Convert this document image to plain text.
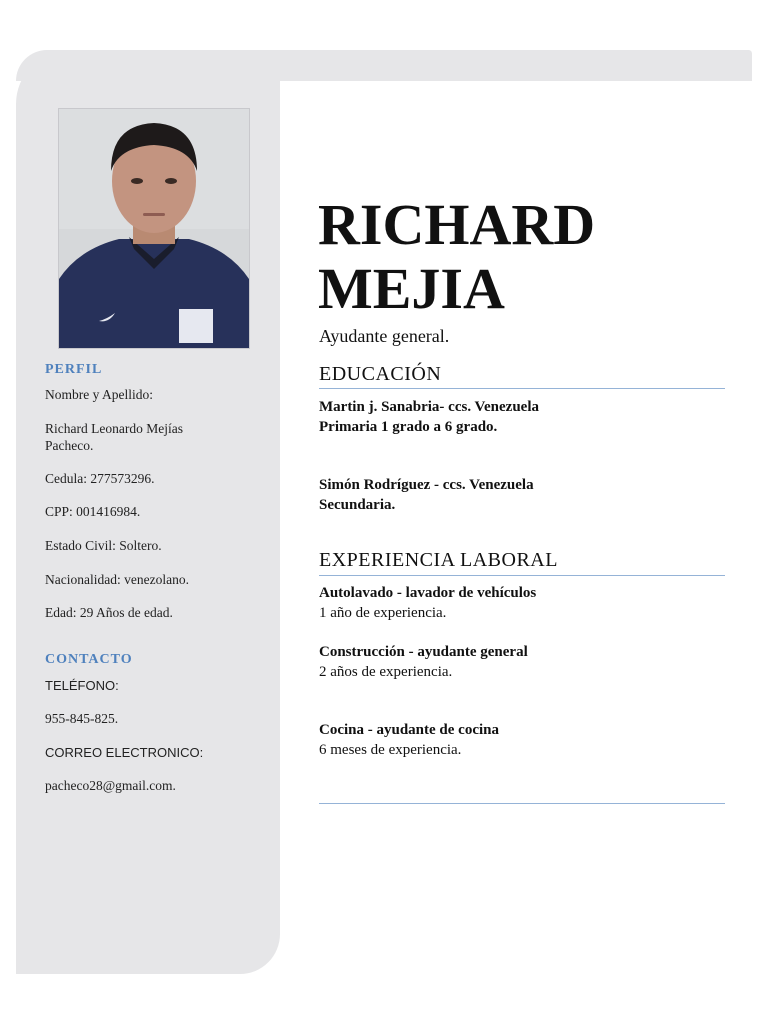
PERFIL

Nombre y Apellido:

Richard Leonardo Mejías

Pacheco.

Cedula: 277573296.

CPP: 001416984.

Estado Civil: Soltero.

Nacionalidad: venezolano.

Edad: 29 Años de edad.

CONTACTO

TELÉFONO:

955-845-825.

CORREO ELECTRONICO:

pacheco28@gmail.com.

RICHARD
MEJIA

Ayudante general.

EDUCACIÓN

Martin j. Sanabria- ccs. Venezuela

Primaria 1 grado a 6 grado.

Simón Rodríguez - ccs. Venezuela

Secundaria.

EXPERIENCIA LABORAL

Autolavado - lavador de vehículos

1 año de experiencia.

Construcción - ayudante general

2 años de experiencia.

Cocina - ayudante de cocina

6 meses de experiencia.
